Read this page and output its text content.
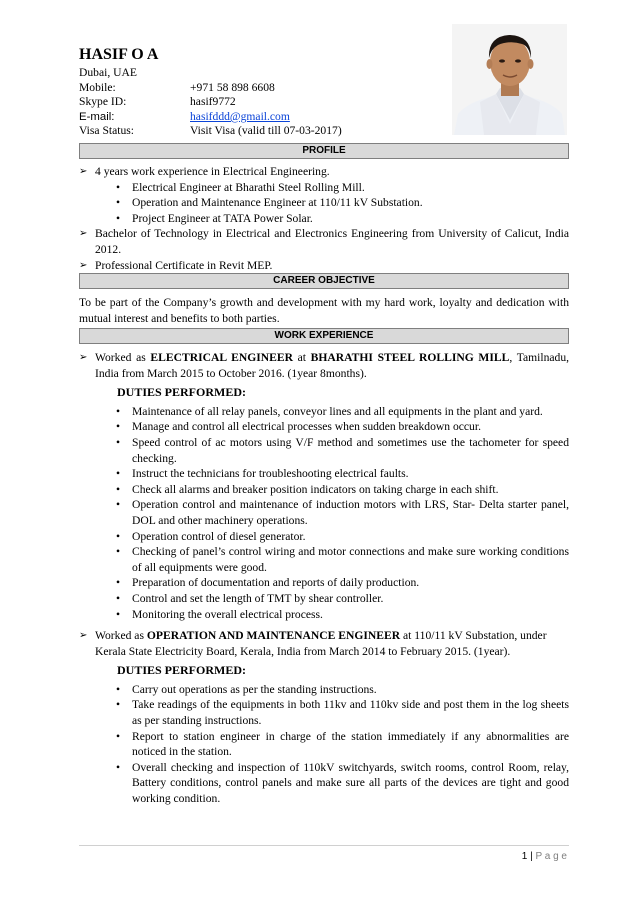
HASIF O A
Dubai, UAE
Mobile:	+971 58 898 6608
Skype ID:	hasif9772
E-mail:	hasifddd@gmail.com
Visa Status:	Visit Visa (valid till 07-03-2017)
PROFILE
➢ 4 years work experience in Electrical Engineering.
•	Electrical Engineer at Bharathi Steel Rolling Mill.
•	Operation and Maintenance Engineer at 110/11 kV Substation.
•	Project Engineer at TATA Power Solar.
➢ Bachelor of Technology in Electrical and Electronics Engineering from University of Calicut, India 2012.
➢ Professional Certificate in Revit MEP.
CAREER OBJECTIVE
To be part of the Company’s growth and development with my hard work, loyalty and dedication with mutual interest and benefits to both parties.
WORK EXPERIENCE
➢ Worked as ELECTRICAL ENGINEER at BHARATHI STEEL ROLLING MILL, Tamilnadu, India from March 2015 to October 2016. (1year 8months).
DUTIES PERFORMED:
•	Maintenance of all relay panels, conveyor lines and all equipments in the plant and yard.
•	Manage and control all electrical processes when sudden breakdown occur.
•	Speed control of ac motors using V/F method and sometimes use the tachometer for speed checking.
•	Instruct the technicians for troubleshooting electrical faults.
•	Check all alarms and breaker position indicators on taking charge in each shift.
•	Operation control and maintenance of induction motors with LRS, Star- Delta starter panel, DOL and other machinery operations.
•	Operation control of diesel generator.
•	Checking of panel’s control wiring and motor connections and make sure working conditions of all equipments were good.
•	Preparation of documentation and reports of daily production.
•	Control and set the length of TMT by shear controller.
•	Monitoring the overall electrical process.
➢ Worked as OPERATION AND MAINTENANCE ENGINEER at 110/11 kV Substation, under Kerala State Electricity Board, Kerala, India from March 2014 to February 2015. (1year).
DUTIES PERFORMED:
•	Carry out operations as per the standing instructions.
•	Take readings of the equipments in both 11kv and 110kv side and post them in the log sheets as per standing instructions.
•	Report to station engineer in charge of the station immediately if any abnormalities are noticed in the station.
•	Overall checking and inspection of 110kV switchyards, switch rooms, control Room, relay, Battery conditions, control panels and make sure all parts of the devices are tight and good working condition.
1 | P a g e
